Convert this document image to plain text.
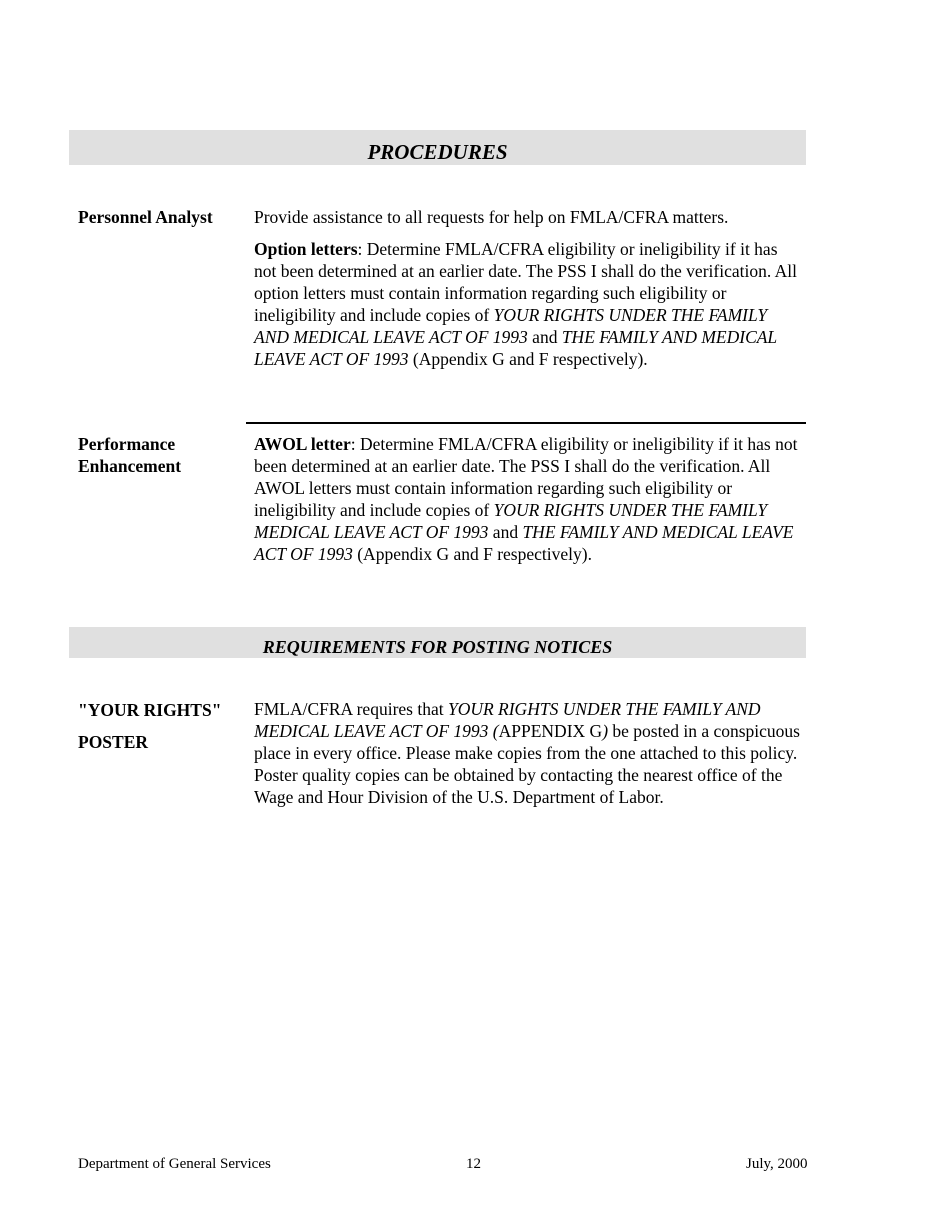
PROCEDURES
Personnel Analyst Provide assistance to all requests for help on FMLA/CFRA matters.

Option letters: Determine FMLA/CFRA eligibility or ineligibility if it has not been determined at an earlier date. The PSS I shall do the verification. All option letters must contain information regarding such eligibility or ineligibility and include copies of YOUR RIGHTS UNDER THE FAMILY AND MEDICAL LEAVE ACT OF 1993 and THE FAMILY AND MEDICAL LEAVE ACT OF 1993 (Appendix G and F respectively).

Performance
Enhancement

AWOL letter: Determine FMLA/CFRA eligibility or ineligibility if it has not been determined at an earlier date. The PSS I shall do the verification. All AWOL letters must contain information regarding such eligibility or ineligibility and include copies of YOUR RIGHTS UNDER THE FAMILY MEDICAL LEAVE ACT OF 1993 and THE FAMILY AND MEDICAL LEAVE ACT OF 1993 (Appendix G and F respectively).

REQUIREMENTS FOR POSTING NOTICES
"YOUR RIGHTS"
POSTER

FMLA/CFRA requires that YOUR RIGHTS UNDER THE FAMILY AND MEDICAL LEAVE ACT OF 1993 (APPENDIX G) be posted in a conspicuous place in every office. Please make copies from the one attached to this policy. Poster quality copies can be obtained by contacting the nearest office of the Wage and Hour Division of the U.S. Department of Labor.

Department of General Services	12	July, 2000
